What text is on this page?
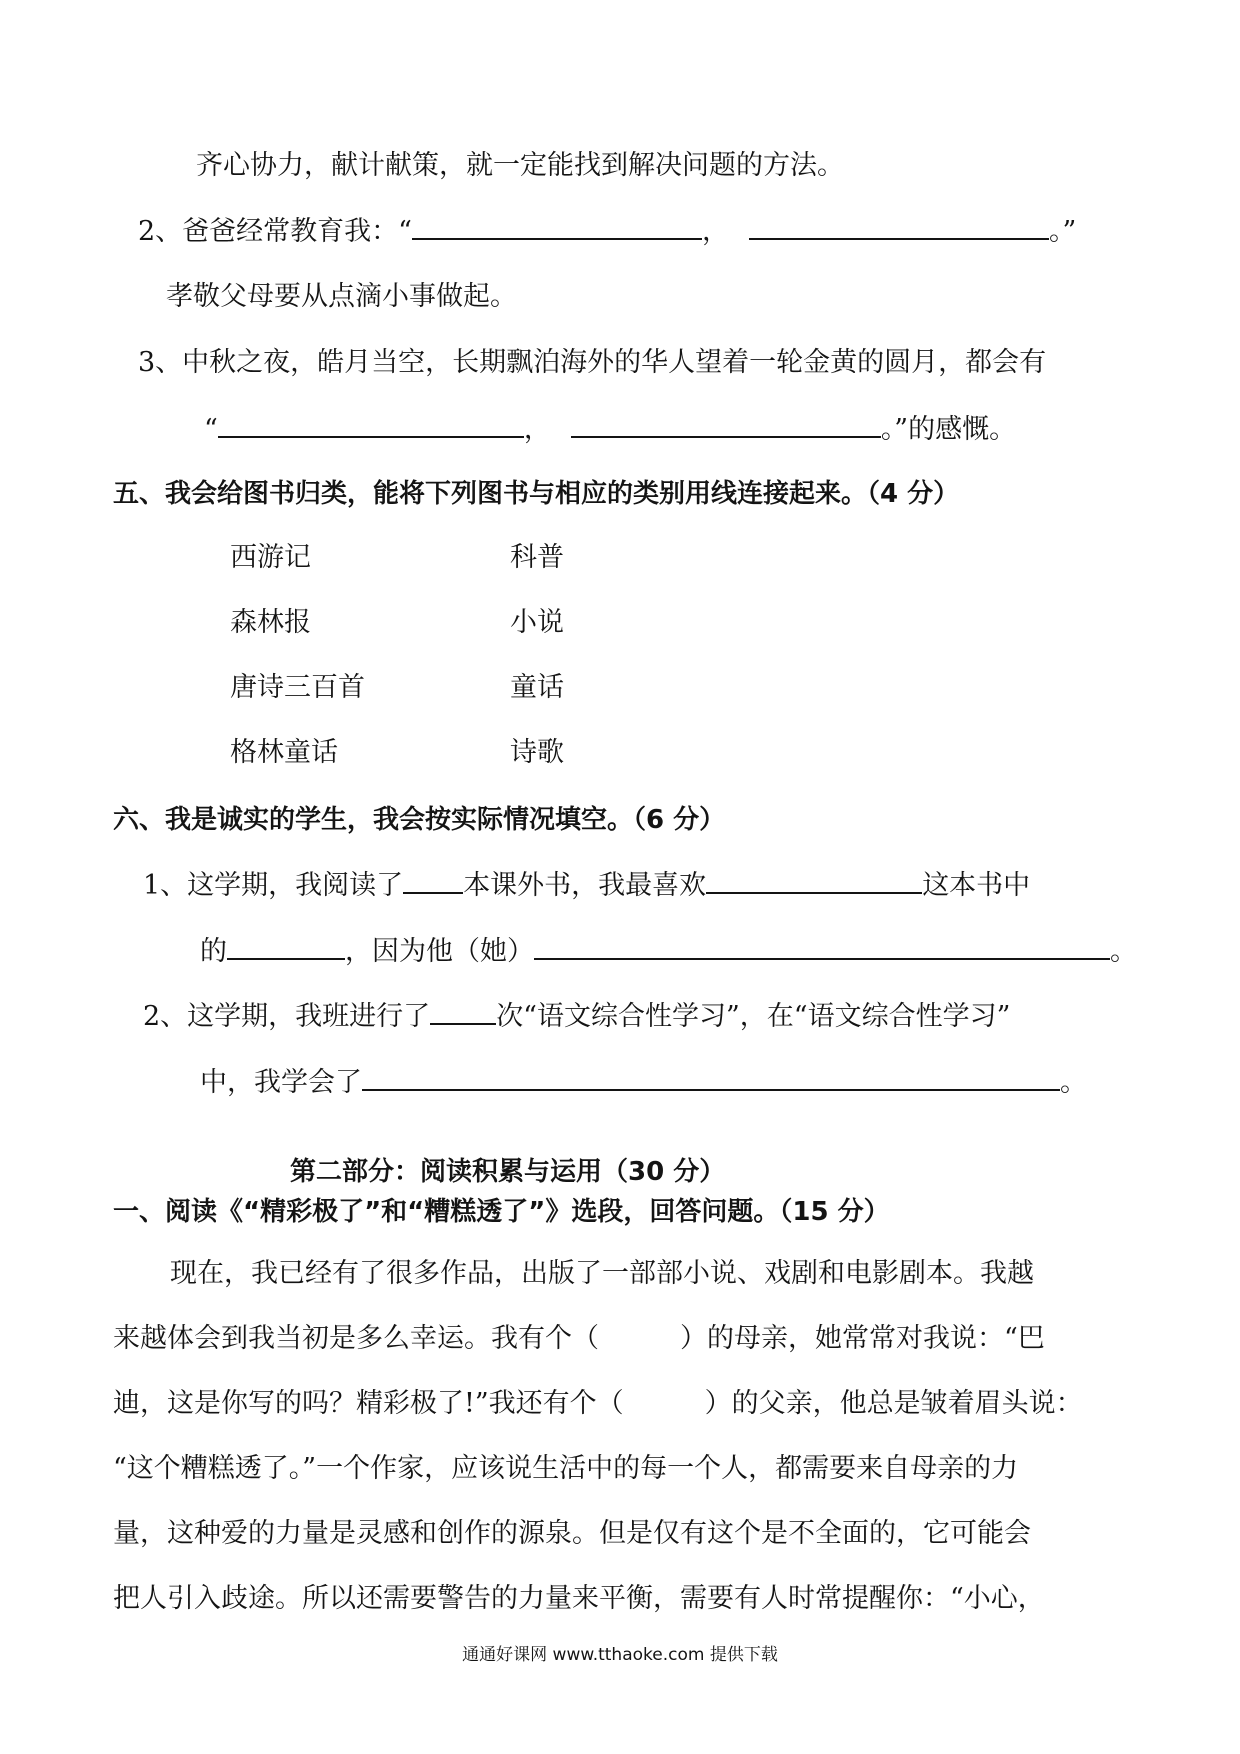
齐心协力，献计献策，就一定能找到解决问题的方法。
2、爸爸经常教育我：“	，	。”
孝敬父母要从点滴小事做起。
3、中秋之夜，皓月当空，长期飘泊海外的华人望着一轮金黄的圆月，都会有
“	，	。”的感慨。
五、我会给图书归类，能将下列图书与相应的类别用线连接起来。（4 分）
西游记	科普
森林报	小说
唐诗三百首	童话
格林童话	诗歌
六、我是诚实的学生，我会按实际情况填空。（6 分）
1、这学期，我阅读了 本课外书，我最喜欢	这本书中
的	，因为他（她）	。
2、这学期，我班进行了 次“语文综合性学习”，在“语文综合性学习”
中，我学会了	。
第二部分：阅读积累与运用（30 分）
一、阅读《“精彩极了”和“糟糕透了”》选段，回答问题。（15 分）
现在，我已经有了很多作品，出版了一部部小说、戏剧和电影剧本。我越
来越体会到我当初是多么幸运。我有个（　　　）的母亲，她常常对我说：“巴
迪，这是你写的吗？精彩极了!”我还有个（　　　）的父亲，他总是皱着眉头说：
“这个糟糕透了。”一个作家，应该说生活中的每一个人，都需要来自母亲的力
量，这种爱的力量是灵感和创作的源泉。但是仅有这个是不全面的，它可能会
把人引入歧途。所以还需要警告的力量来平衡，需要有人时常提醒你：“小心，
通通好课网 www.tthaoke.com 提供下载
